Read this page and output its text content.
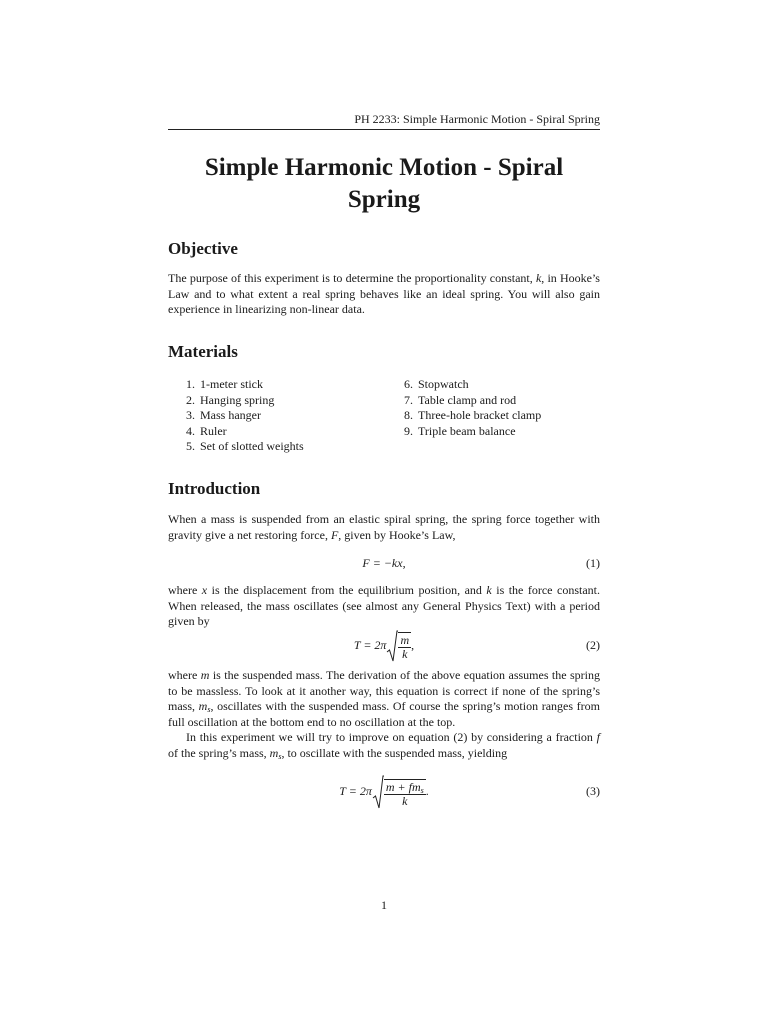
PH 2233: Simple Harmonic Motion - Spiral Spring
Simple Harmonic Motion - Spiral Spring
Objective

The purpose of this experiment is to determine the proportionality constant, k, in Hooke’s Law and to what extent a real spring behaves like an ideal spring. You will also gain experience in linearizing non-linear data.

Materials
1. 1-meter stick
2. Hanging spring
3. Mass hanger
4. Ruler
5. Set of slotted weights
6. Stopwatch
7. Table clamp and rod
8. Three-hole bracket clamp
9. Triple beam balance
Introduction

When a mass is suspended from an elastic spiral spring, the spring force together with gravity give a net restoring force, F, given by Hooke’s Law,

F = −kx,	(1)

where x is the displacement from the equilibrium position, and k is the force constant. When released, the mass oscillates (see almost any General Physics Text) with a period given by

$T = 2\pi \frac{m}{k}$ ,	(2)

where m is the suspended mass. The derivation of the above equation assumes the spring to be massless. To look at it another way, this equation is correct if none of the spring’s mass, $m_s$, oscillates with the suspended mass. Of course the spring’s motion ranges from full oscillation at the bottom end to no oscillation at the top.

In this experiment we will try to improve on equation (2) by considering a fraction f of the spring’s mass, $m_s$, to oscillate with the suspended mass, yielding

$T = 2\pi \frac{m + fm_s}{k}$ .	(3)
1
